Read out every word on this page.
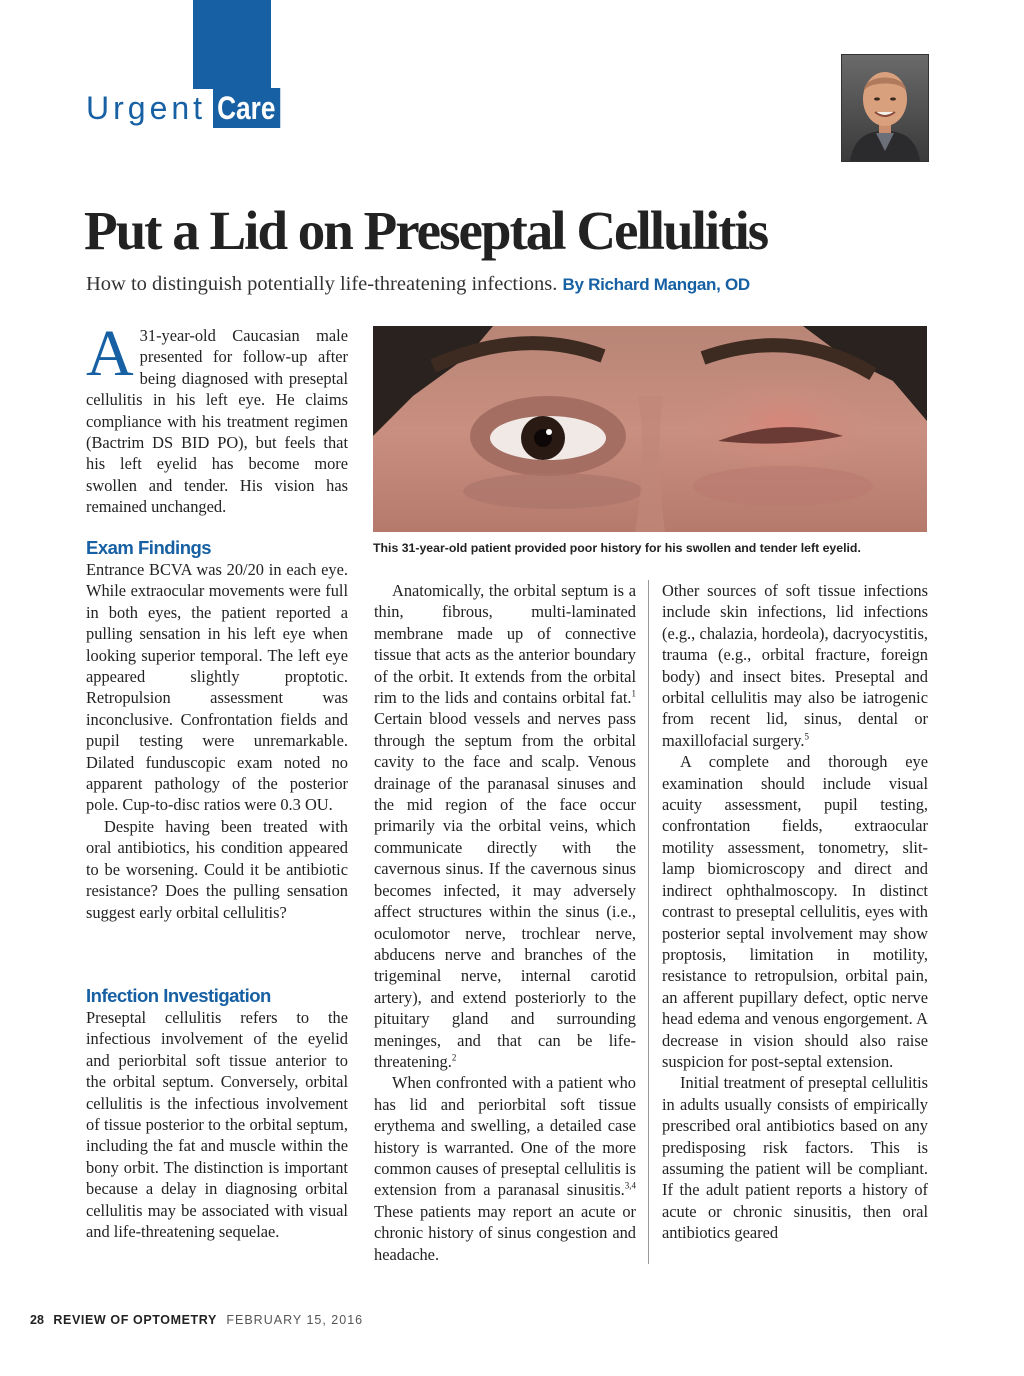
Urgent Care
Put a Lid on Preseptal Cellulitis
How to distinguish potentially life-threatening infections. By Richard Mangan, OD
A 31-year-old Caucasian male presented for follow-up after being diagnosed with preseptal cellulitis in his left eye. He claims compliance with his treatment regimen (Bactrim DS BID PO), but feels that his left eyelid has become more swollen and tender. His vision has remained unchanged.

Exam Findings

Entrance BCVA was 20/20 in each eye. While extraocular movements were full in both eyes, the patient reported a pulling sensation in his left eye when looking superior temporal. The left eye appeared slightly proptotic. Retropulsion assessment was inconclusive. Confrontation fields and pupil testing were unremarkable. Dilated funduscopic exam noted no apparent pathology of the posterior pole. Cup-to-disc ratios were 0.3 OU.

Despite having been treated with oral antibiotics, his condition appeared to be worsening. Could it be antibiotic resistance? Does the pulling sensation suggest early orbital cellulitis?

Infection Investigation

Preseptal cellulitis refers to the infectious involvement of the eyelid and periorbital soft tissue anterior to the orbital septum. Conversely, orbital cellulitis is the infectious involvement of tissue posterior to the orbital septum, including the fat and muscle within the bony orbit. The distinction is important because a delay in diagnosing orbital cellulitis may be associated with visual and life-threatening sequelae.

This 31-year-old patient provided poor history for his swollen and tender left eyelid.

Anatomically, the orbital septum is a thin, fibrous, multi-laminated membrane made up of connective tissue that acts as the anterior boundary of the orbit. It extends from the orbital rim to the lids and contains orbital fat.$^1$ Certain blood vessels and nerves pass through the septum from the orbital cavity to the face and scalp. Venous drainage of the paranasal sinuses and the mid region of the face occur primarily via the orbital veins, which communicate directly with the cavernous sinus. If the cavernous sinus becomes infected, it may adversely affect structures within the sinus (i.e., oculomotor nerve, trochlear nerve, abducens nerve and branches of the trigeminal nerve, internal carotid artery), and extend posteriorly to the pituitary gland and surrounding meninges, and that can be life-threatening.$^2$

When confronted with a patient who has lid and periorbital soft tissue erythema and swelling, a detailed case history is warranted. One of the more common causes of preseptal cellulitis is extension from a paranasal sinusitis.$^{3,4}$ These patients may report an acute or chronic history of sinus congestion and headache.

Other sources of soft tissue infections include skin infections, lid infections (e.g., chalazia, hordeola), dacryocystitis, trauma (e.g., orbital fracture, foreign body) and insect bites. Preseptal and orbital cellulitis may also be iatrogenic from recent lid, sinus, dental or maxillofacial surgery.$^5$

A complete and thorough eye examination should include visual acuity assessment, pupil testing, confrontation fields, extraocular motility assessment, tonometry, slit-lamp biomicroscopy and direct and indirect ophthalmoscopy. In distinct contrast to preseptal cellulitis, eyes with posterior septal involvement may show proptosis, limitation in motility, resistance to retropulsion, orbital pain, an afferent pupillary defect, optic nerve head edema and venous engorgement. A decrease in vision should also raise suspicion for post-septal extension.

Initial treatment of preseptal cellulitis in adults usually consists of empirically prescribed oral antibiotics based on any predisposing risk factors. This is assuming the patient will be compliant. If the adult patient reports a history of acute or chronic sinusitis, then oral antibiotics geared

28 REVIEW OF OPTOMETRY FEBRUARY 15, 2016
